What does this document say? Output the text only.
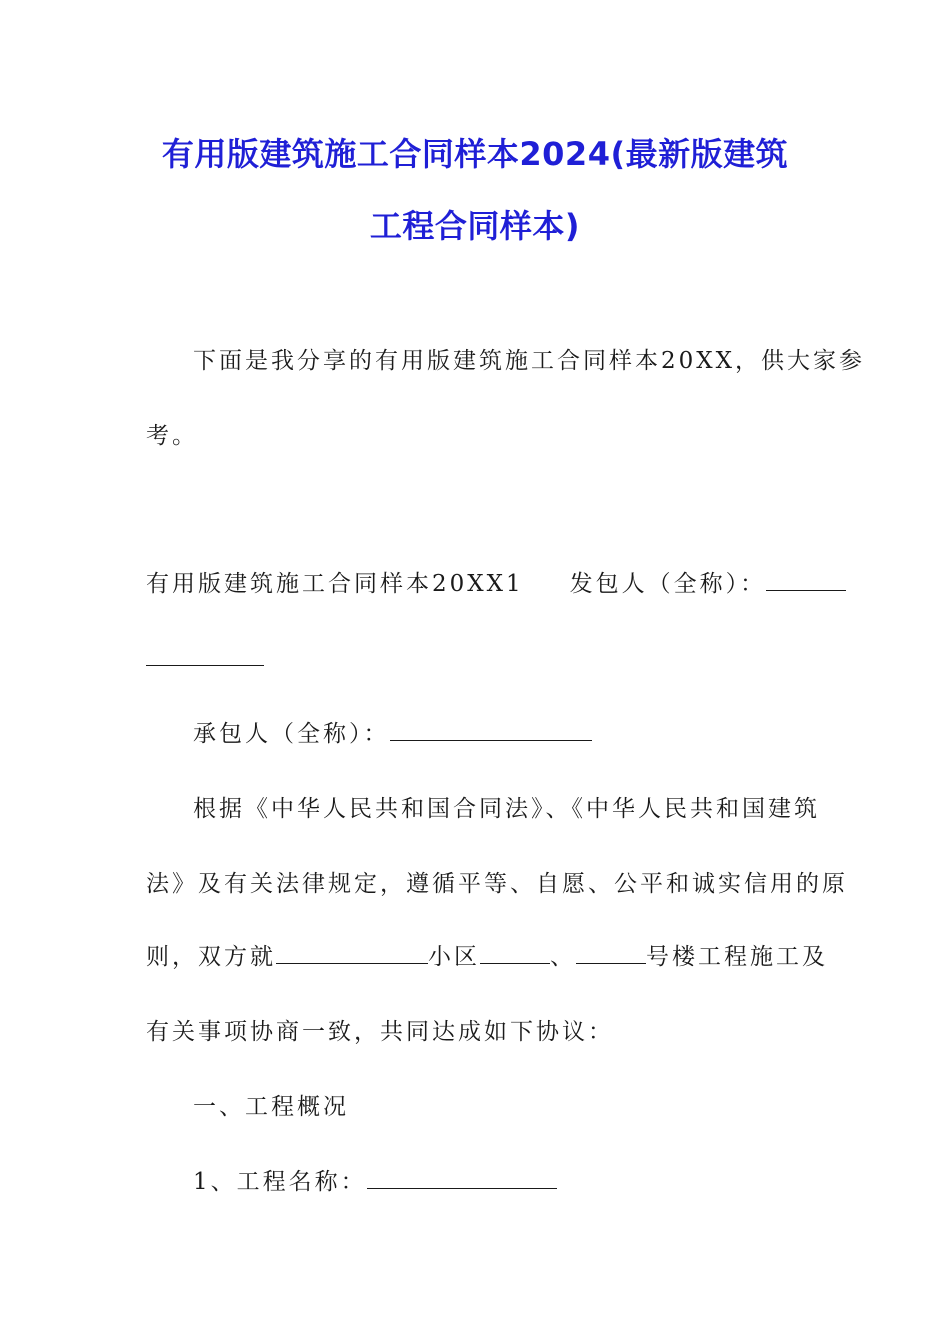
有用版建筑施工合同样本2024(最新版建筑
工程合同样本)

下面是我分享的有用版建筑施工合同样本20XX，供大家参

考。

有用版建筑施工合同样本20XX1 发包人（全称）：

承包人（全称）：

根据《中华人民共和国合同法》、《中华人民共和国建筑

法》及有关法律规定，遵循平等、自愿、公平和诚实信用的原

则，双方就	小区	、	号楼工程施工及

有关事项协商一致，共同达成如下协议：

一、工程概况

1、工程名称：
